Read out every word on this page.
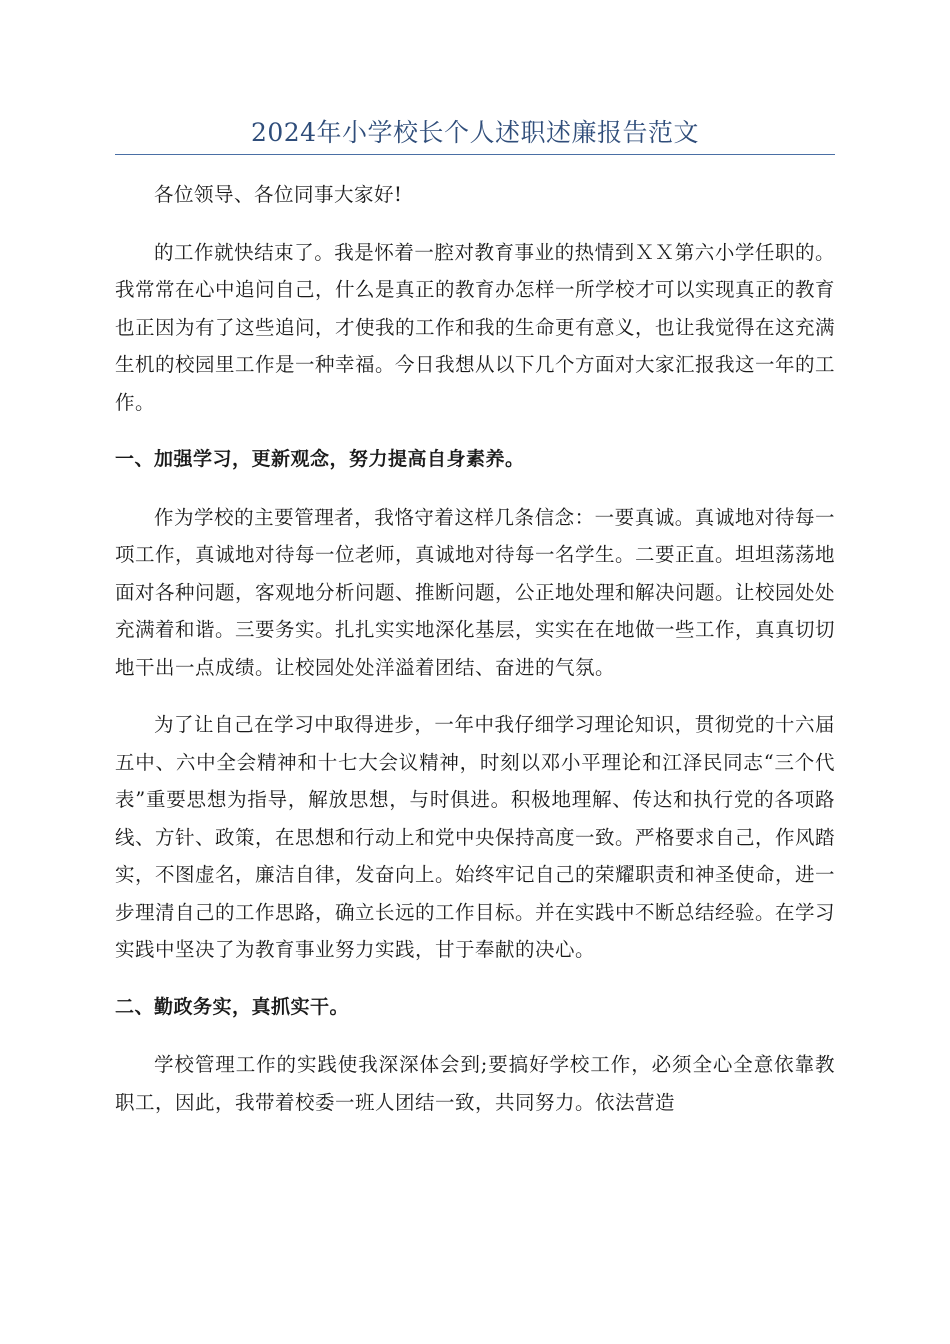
2024年小学校长个人述职述廉报告范文

各位领导、各位同事大家好!

的工作就快结束了。我是怀着一腔对教育事业的热情到ＸＸ第六小学任职的。我常常在心中追问自己，什么是真正的教育办怎样一所学校才可以实现真正的教育也正因为有了这些追问，才使我的工作和我的生命更有意义，也让我觉得在这充满生机的校园里工作是一种幸福。今日我想从以下几个方面对大家汇报我这一年的工作。

一、加强学习，更新观念，努力提高自身素养。

作为学校的主要管理者，我恪守着这样几条信念：一要真诚。真诚地对待每一项工作，真诚地对待每一位老师，真诚地对待每一名学生。二要正直。坦坦荡荡地面对各种问题，客观地分析问题、推断问题，公正地处理和解决问题。让校园处处充满着和谐。三要务实。扎扎实实地深化基层，实实在在地做一些工作，真真切切地干出一点成绩。让校园处处洋溢着团结、奋进的气氛。

为了让自己在学习中取得进步，一年中我仔细学习理论知识，贯彻党的十六届五中、六中全会精神和十七大会议精神，时刻以邓小平理论和江泽民同志“三个代表”重要思想为指导，解放思想，与时俱进。积极地理解、传达和执行党的各项路线、方针、政策，在思想和行动上和党中央保持高度一致。严格要求自己，作风踏实，不图虚名，廉洁自律，发奋向上。始终牢记自己的荣耀职责和神圣使命，进一步理清自己的工作思路，确立长远的工作目标。并在实践中不断总结经验。在学习实践中坚决了为教育事业努力实践，甘于奉献的决心。

二、勤政务实，真抓实干。

学校管理工作的实践使我深深体会到;要搞好学校工作，必须全心全意依靠教职工，因此，我带着校委一班人团结一致，共同努力。依法营造
